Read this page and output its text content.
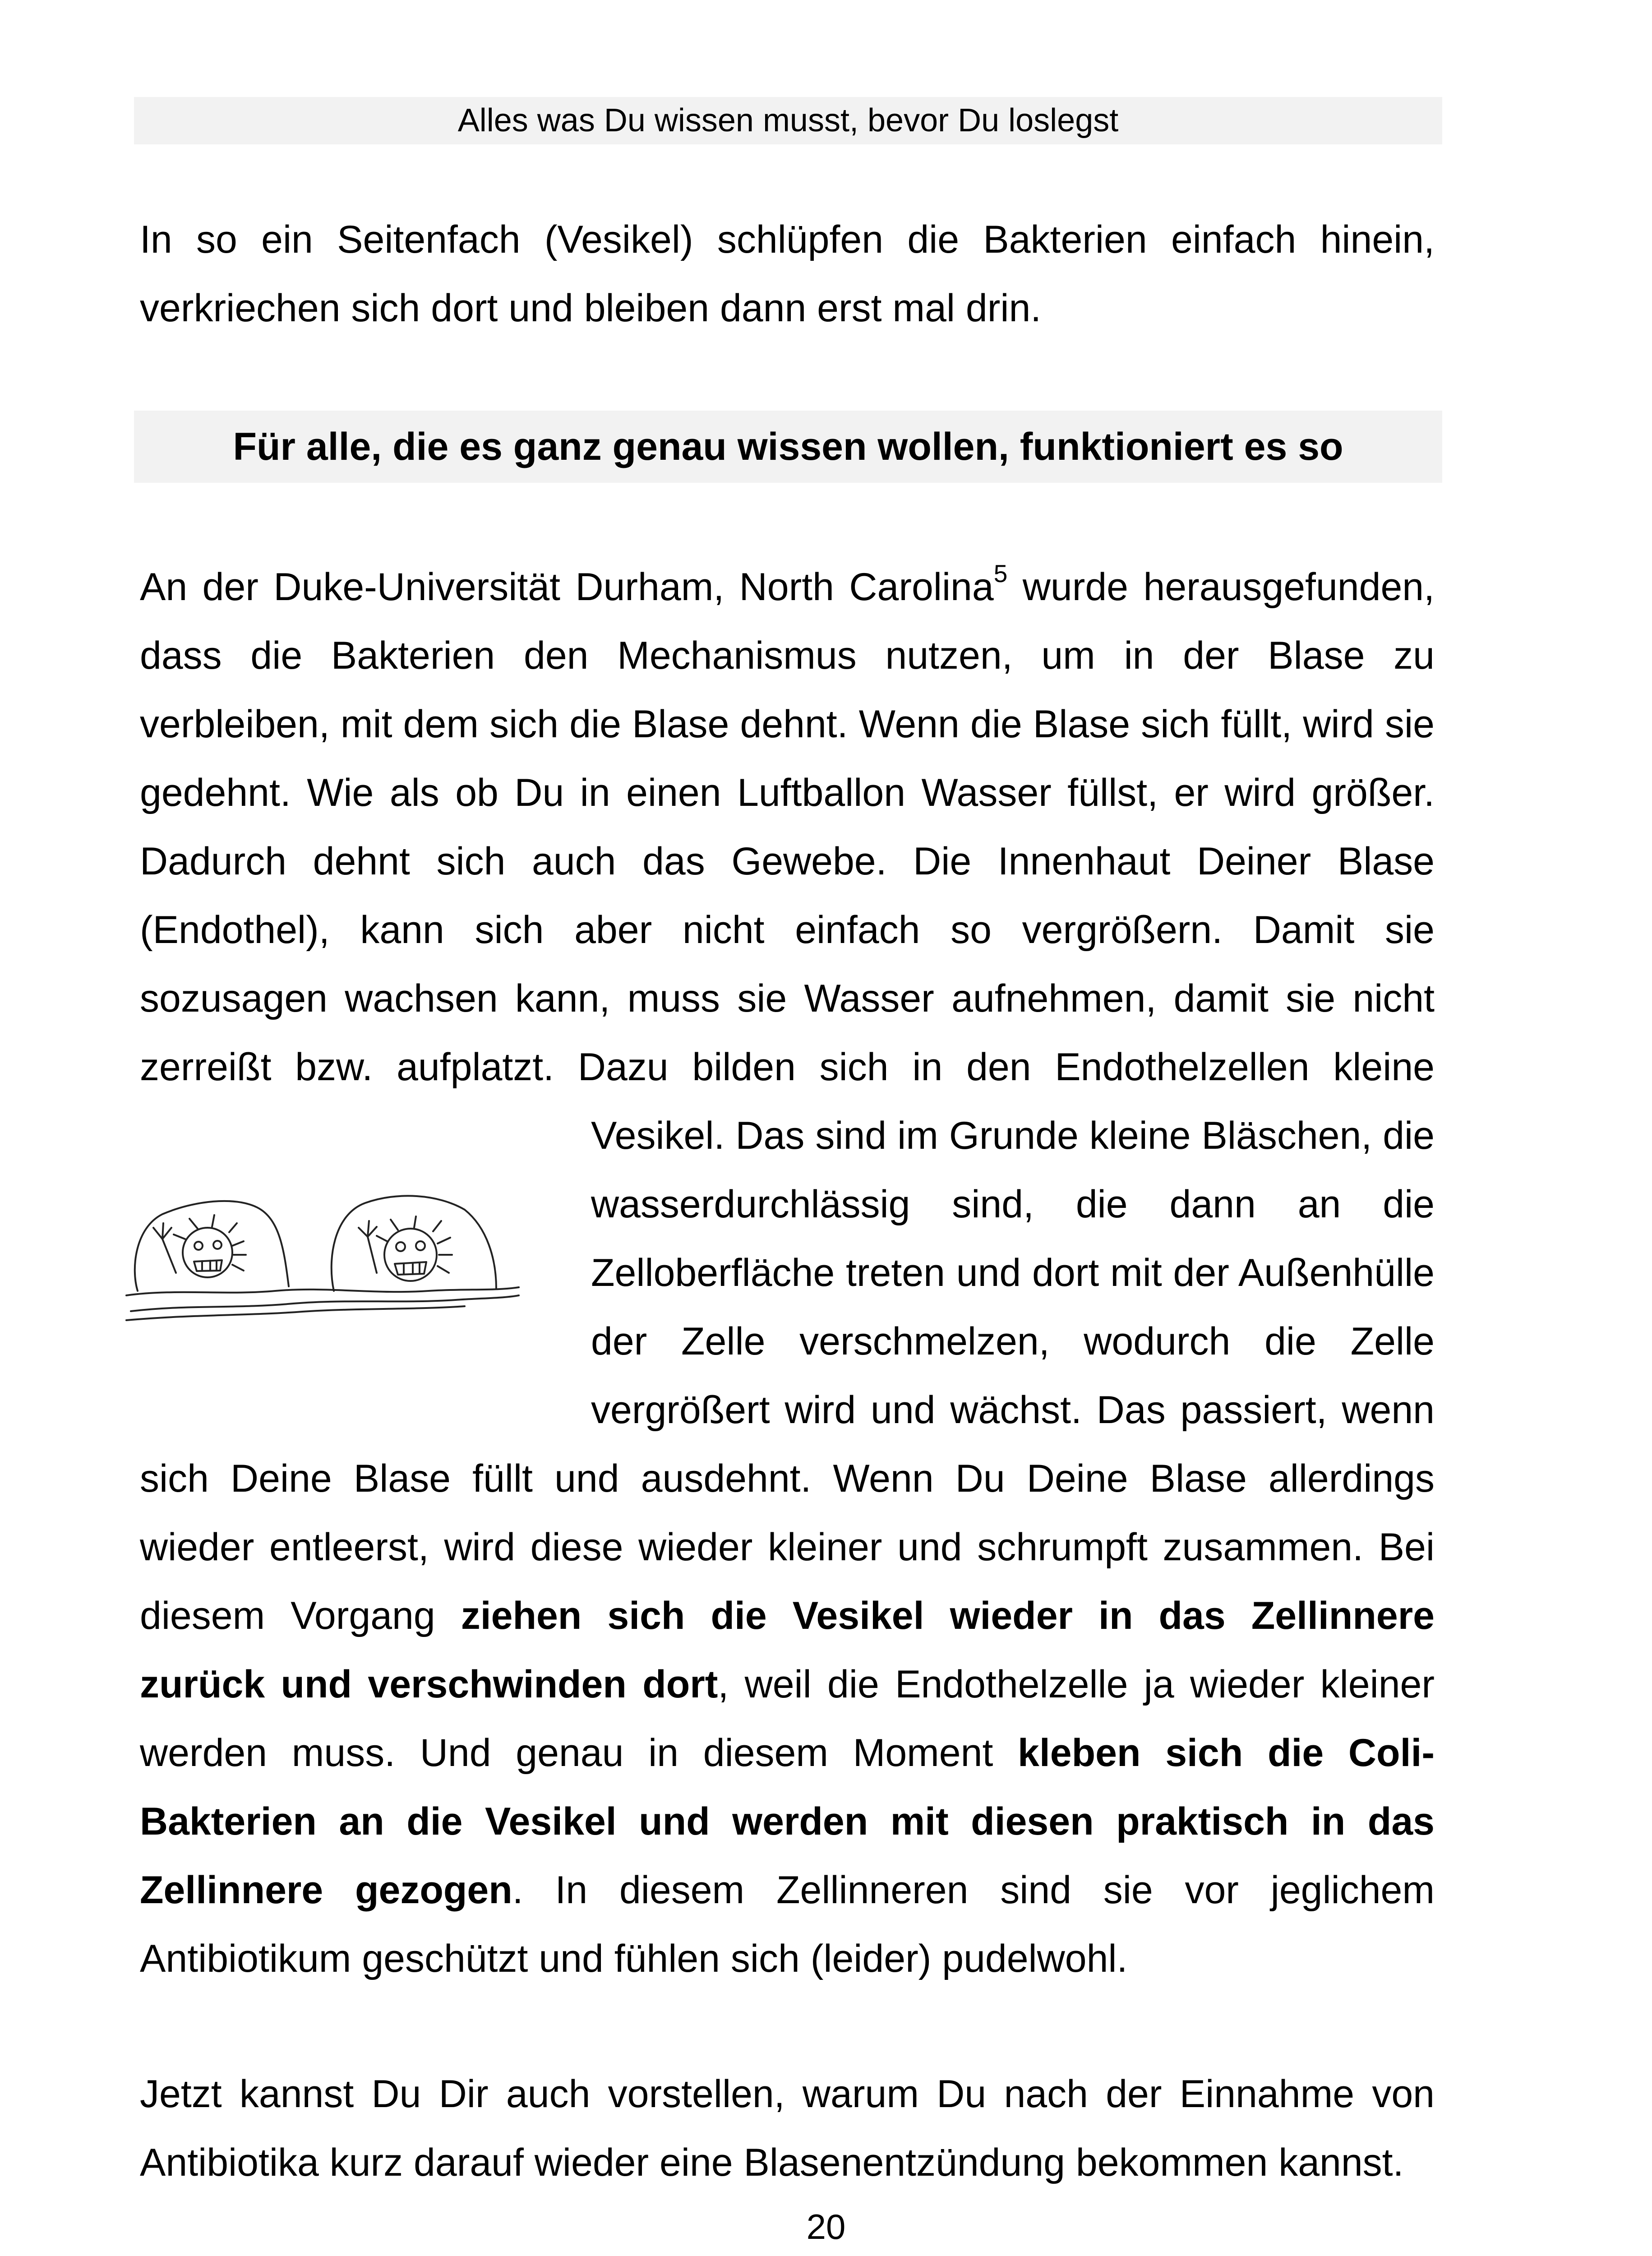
Alles was Du wissen musst, bevor Du loslegst

In so ein Seitenfach (Vesikel) schlüpfen die Bakterien einfach hinein, verkriechen sich dort und bleiben dann erst mal drin.

Für alle, die es ganz genau wissen wollen, funktioniert es so
An der Duke-Universität Durham, North Carolina$^5$ wurde herausgefunden, dass die Bakterien den Mechanismus nutzen, um in der Blase zu verbleiben, mit dem sich die Blase dehnt. Wenn die Blase sich füllt, wird sie gedehnt. Wie als ob Du in einen Luftballon Wasser füllst, er wird größer. Dadurch dehnt sich auch das Gewebe. Die Innenhaut Deiner Blase (Endothel), kann sich aber nicht einfach so vergrößern. Damit sie sozusagen wachsen kann, muss sie Wasser aufnehmen, damit sie nicht zerreißt bzw. aufplatzt. Dazu bilden sich in den Endothelzellen kleine
Vesikel. Das sind im Grunde kleine Bläschen, die wasserdurchlässig sind, die dann an die Zelloberfläche treten und dort mit der Außenhülle der Zelle verschmelzen, wodurch die Zelle vergrößert wird und wächst. Das passiert, wenn sich Deine Blase füllt und ausdehnt. Wenn Du Deine Blase allerdings wieder entleerst, wird diese wieder kleiner und schrumpft zusammen. Bei diesem Vorgang ziehen sich die Vesikel wieder in das Zellinnere zurück und verschwinden dort, weil die Endothelzelle ja wieder kleiner werden muss. Und genau in diesem Moment kleben sich die Coli-Bakterien an die Vesikel und werden mit diesen praktisch in das Zellinnere gezogen. In diesem Zellinneren sind sie vor jeglichem Antibiotikum geschützt und fühlen sich (leider) pudelwohl.

Jetzt kannst Du Dir auch vorstellen, warum Du nach der Einnahme von Antibiotika kurz darauf wieder eine Blasenentzündung bekommen kannst.

20
